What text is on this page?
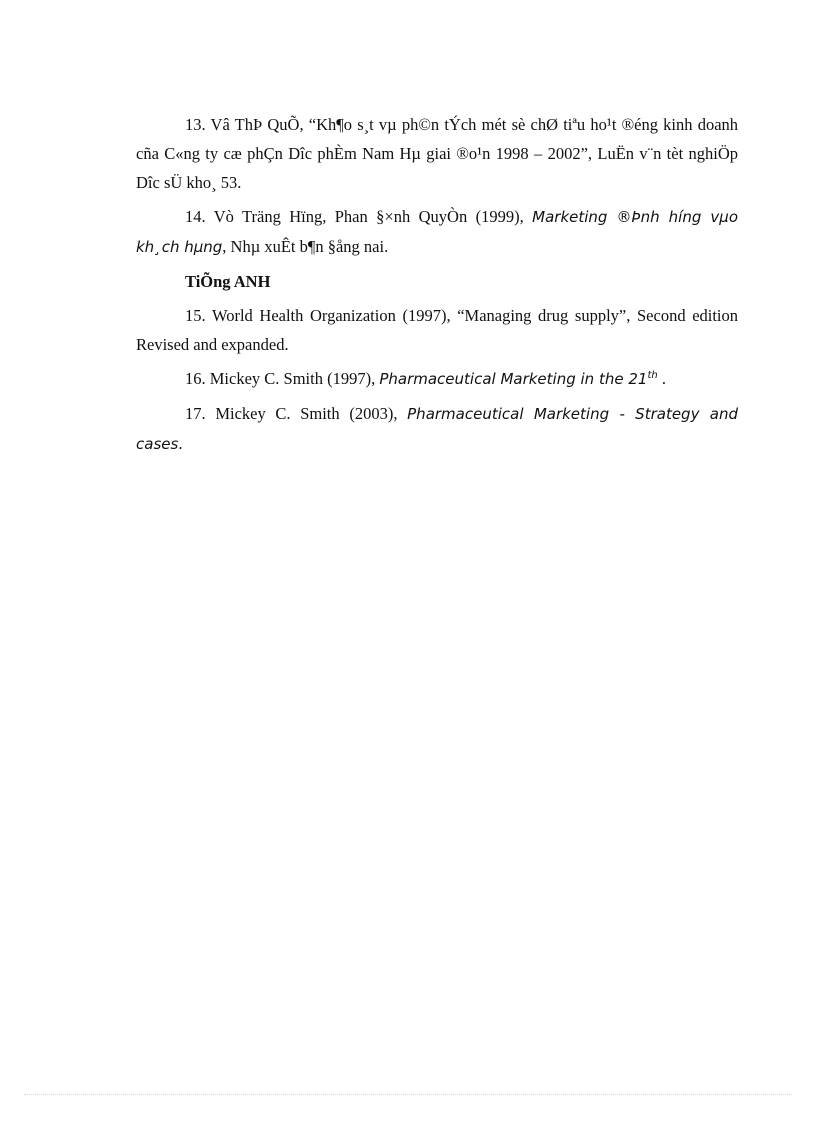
13. Vâ ThÞ QuÕ, “Kh¶o s¸t vµ ph©n tÝch mét sè chØ tiªu ho¹t ®éng kinh doanh cña C«ng ty cæ phÇn Dîc phÈm Nam Hµ giai ®o¹n 1998 – 2002”, LuËn v¨n tèt nghiÖp Dîc sÜ kho¸ 53.

14. Vò Träng Hïng, Phan §×nh QuyÒn (1999), Marketing ®Þnh híng vµo kh¸ch hµng, Nhµ xuÊt b¶n §ång nai.

TiÕng ANH

15. World Health Organization (1997), “Managing drug supply”, Second edition Revised and expanded.

16. Mickey C. Smith (1997), Pharmaceutical Marketing in the 21th .

17. Mickey C. Smith (2003), Pharmaceutical Marketing - Strategy and cases.
